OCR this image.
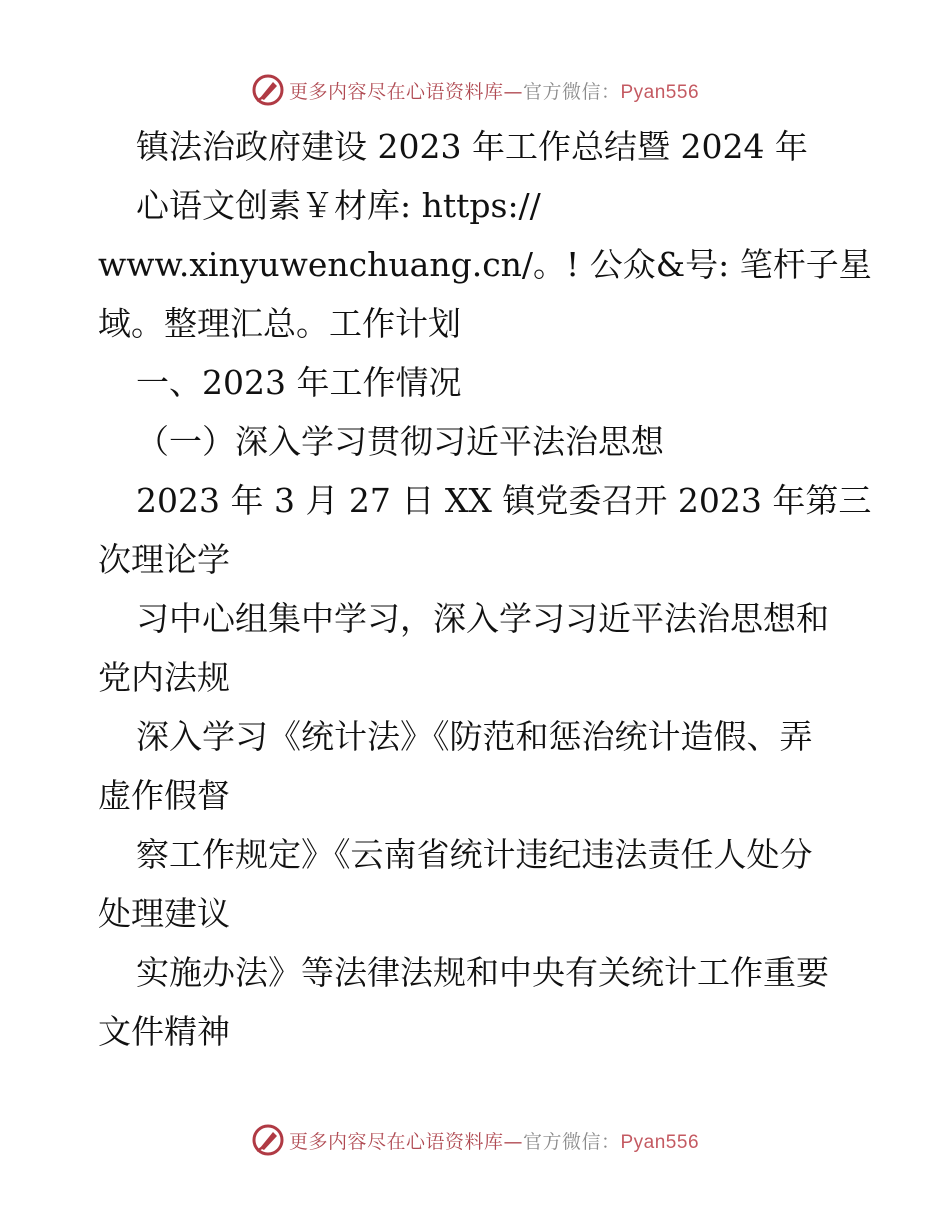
更多内容尽在心语资料库—官方微信：Pyan556

镇法治政府建设 2023 年工作总结暨 2024 年

心语文创素￥材库: https://

www.xinyuwenchuang.cn/。! 公众&号: 笔杆子星

域。整理汇总。工作计划

一、2023 年工作情况

（一）深入学习贯彻习近平法治思想

2023 年 3 月 27 日 XX 镇党委召开 2023 年第三

次理论学

习中心组集中学习，深入学习习近平法治思想和

党内法规

深入学习《统计法》《防范和惩治统计造假、弄

虚作假督

察工作规定》《云南省统计违纪违法责任人处分

处理建议

实施办法》等法律法规和中央有关统计工作重要

文件精神

更多内容尽在心语资料库—官方微信：Pyan556
